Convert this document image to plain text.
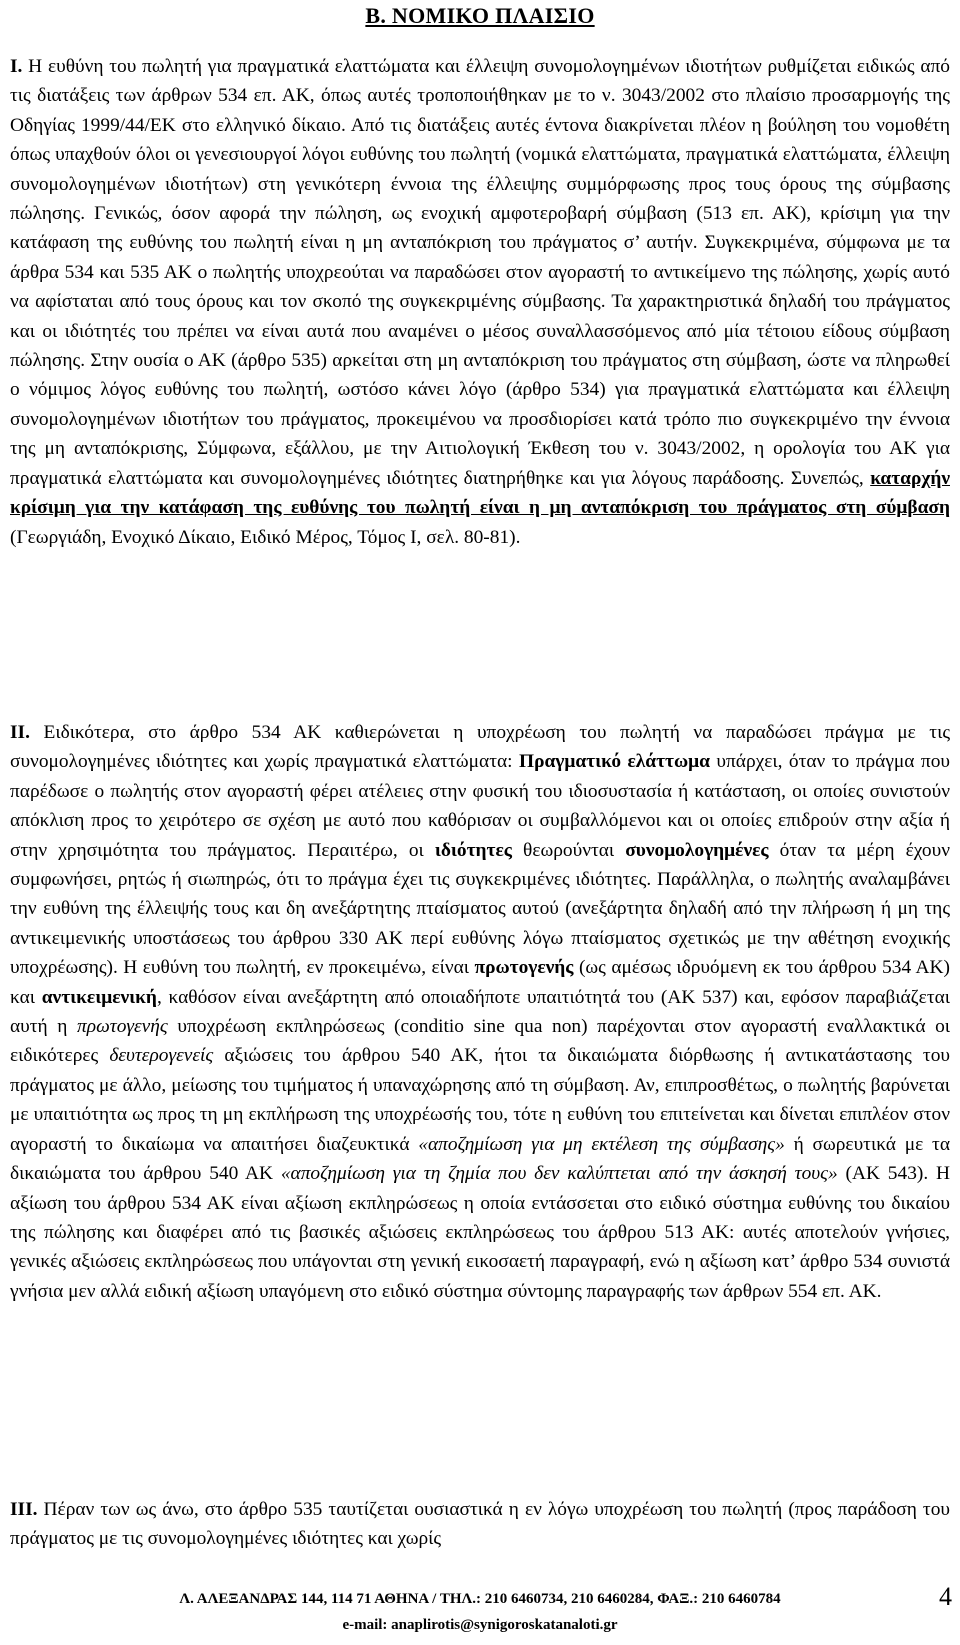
Β. ΝΟΜΙΚΟ ΠΛΑΙΣΙΟ
Ι. Η ευθύνη του πωλητή για πραγματικά ελαττώματα και έλλειψη συνομολογημένων ιδιοτήτων ρυθμίζεται ειδικώς από τις διατάξεις των άρθρων 534 επ. ΑΚ, όπως αυτές τροποποιήθηκαν με το ν. 3043/2002 στο πλαίσιο προσαρμογής της Οδηγίας 1999/44/ΕΚ στο ελληνικό δίκαιο. Από τις διατάξεις αυτές έντονα διακρίνεται πλέον η βούληση του νομοθέτη όπως υπαχθούν όλοι οι γενεσιουργοί λόγοι ευθύνης του πωλητή (νομικά ελαττώματα, πραγματικά ελαττώματα, έλλειψη συνομολογημένων ιδιοτήτων) στη γενικότερη έννοια της έλλειψης συμμόρφωσης προς τους όρους της σύμβασης πώλησης. Γενικώς, όσον αφορά την πώληση, ως ενοχική αμφοτεροβαρή σύμβαση (513 επ. ΑΚ), κρίσιμη για την κατάφαση της ευθύνης του πωλητή είναι η μη ανταπόκριση του πράγματος σ’ αυτήν. Συγκεκριμένα, σύμφωνα με τα άρθρα 534 και 535 ΑΚ ο πωλητής υποχρεούται να παραδώσει στον αγοραστή το αντικείμενο της πώλησης, χωρίς αυτό να αφίσταται από τους όρους και τον σκοπό της συγκεκριμένης σύμβασης. Τα χαρακτηριστικά δηλαδή του πράγματος και οι ιδιότητές του πρέπει να είναι αυτά που αναμένει ο μέσος συναλλασσόμενος από μία τέτοιου είδους σύμβαση πώλησης. Στην ουσία ο ΑΚ (άρθρο 535) αρκείται στη μη ανταπόκριση του πράγματος στη σύμβαση, ώστε να πληρωθεί ο νόμιμος λόγος ευθύνης του πωλητή, ωστόσο κάνει λόγο (άρθρο 534) για πραγματικά ελαττώματα και έλλειψη συνομολογημένων ιδιοτήτων του πράγματος, προκειμένου να προσδιορίσει κατά τρόπο πιο συγκεκριμένο την έννοια της μη ανταπόκρισης, Σύμφωνα, εξάλλου, με την Αιτιολογική Έκθεση του ν. 3043/2002, η ορολογία του ΑΚ για πραγματικά ελαττώματα και συνομολογημένες ιδιότητες διατηρήθηκε και για λόγους παράδοσης. Συνεπώς, καταρχήν κρίσιμη για την κατάφαση της ευθύνης του πωλητή είναι η μη ανταπόκριση του πράγματος στη σύμβαση (Γεωργιάδη, Ενοχικό Δίκαιο, Ειδικό Μέρος, Τόμος Ι, σελ. 80-81).
ΙΙ. Ειδικότερα, στο άρθρο 534 ΑΚ καθιερώνεται η υποχρέωση του πωλητή να παραδώσει πράγμα με τις συνομολογημένες ιδιότητες και χωρίς πραγματικά ελαττώματα: Πραγματικό ελάττωμα υπάρχει, όταν το πράγμα που παρέδωσε ο πωλητής στον αγοραστή φέρει ατέλειες στην φυσική του ιδιοσυστασία ή κατάσταση, οι οποίες συνιστούν απόκλιση προς το χειρότερο σε σχέση με αυτό που καθόρισαν οι συμβαλλόμενοι και οι οποίες επιδρούν στην αξία ή στην χρησιμότητα του πράγματος. Περαιτέρω, οι ιδιότητες θεωρούνται συνομολογημένες όταν τα μέρη έχουν συμφωνήσει, ρητώς ή σιωπηρώς, ότι το πράγμα έχει τις συγκεκριμένες ιδιότητες. Παράλληλα, ο πωλητής αναλαμβάνει την ευθύνη της έλλειψής τους και δη ανεξάρτητης πταίσματος αυτού (ανεξάρτητα δηλαδή από την πλήρωση ή μη της αντικειμενικής υποστάσεως του άρθρου 330 ΑΚ περί ευθύνης λόγω πταίσματος σχετικώς με την αθέτηση ενοχικής υποχρέωσης). Η ευθύνη του πωλητή, εν προκειμένω, είναι πρωτογενής (ως αμέσως ιδρυόμενη εκ του άρθρου 534 ΑΚ) και αντικειμενική, καθόσον είναι ανεξάρτητη από οποιαδήποτε υπαιτιότητά του (ΑΚ 537) και, εφόσον παραβιάζεται αυτή η πρωτογενής υποχρέωση εκπληρώσεως (conditio sine qua non) παρέχονται στον αγοραστή εναλλακτικά οι ειδικότερες δευτερογενείς αξιώσεις του άρθρου 540 ΑΚ, ήτοι τα δικαιώματα διόρθωσης ή αντικατάστασης του πράγματος με άλλο, μείωσης του τιμήματος ή υπαναχώρησης από τη σύμβαση. Αν, επιπροσθέτως, ο πωλητής βαρύνεται με υπαιτιότητα ως προς τη μη εκπλήρωση της υποχρέωσής του, τότε η ευθύνη του επιτείνεται και δίνεται επιπλέον στον αγοραστή το δικαίωμα να απαιτήσει διαζευκτικά «αποζημίωση για μη εκτέλεση της σύμβασης» ή σωρευτικά με τα δικαιώματα του άρθρου 540 ΑΚ «αποζημίωση για τη ζημία που δεν καλύπτεται από την άσκησή τους» (ΑΚ 543). Η αξίωση του άρθρου 534 ΑΚ είναι αξίωση εκπληρώσεως η οποία εντάσσεται στο ειδικό σύστημα ευθύνης του δικαίου της πώλησης και διαφέρει από τις βασικές αξιώσεις εκπληρώσεως του άρθρου 513 ΑΚ: αυτές αποτελούν γνήσιες, γενικές αξιώσεις εκπληρώσεως που υπάγονται στη γενική εικοσαετή παραγραφή, ενώ η αξίωση κατ’ άρθρο 534 συνιστά γνήσια μεν αλλά ειδική αξίωση υπαγόμενη στο ειδικό σύστημα σύντομης παραγραφής των άρθρων 554 επ. ΑΚ.
ΙΙΙ. Πέραν των ως άνω, στο άρθρο 535 ταυτίζεται ουσιαστικά η εν λόγω υποχρέωση του πωλητή (προς παράδοση του πράγματος με τις συνομολογημένες ιδιότητες και χωρίς
Λ. ΑΛΕΞΑΝΔΡΑΣ 144, 114 71 ΑΘΗΝΑ / ΤΗΛ.: 210 6460734, 210 6460284, ΦΑΞ.: 210 6460784
e-mail: anaplirotis@synigoroskatanaloti.gr
4
